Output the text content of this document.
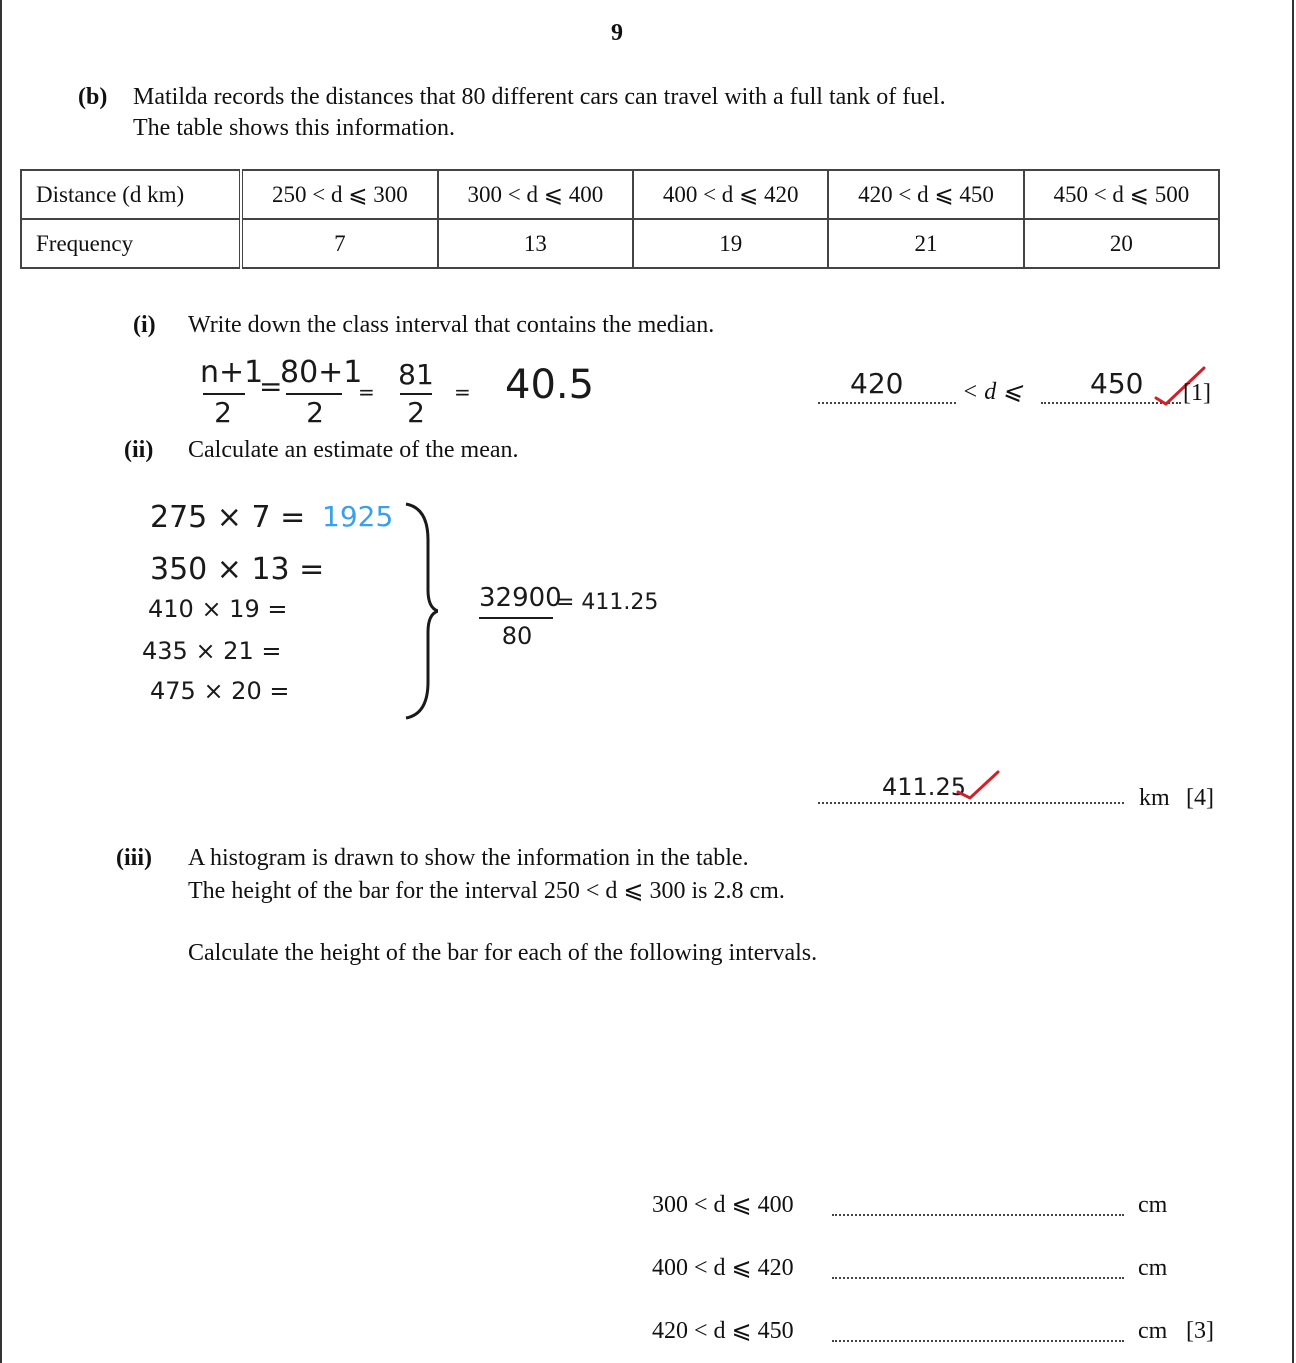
9
(b) Matilda records the distances that 80 different cars can travel with a full tank of fuel.
The table shows this information.
Distance (d km)	250 < d ⩽ 300	300 < d ⩽ 400	400 < d ⩽ 420	420 < d ⩽ 450	450 < d ⩽ 500
Frequency	7	13	19	21	20
(i) Write down the class interval that contains the median.
n+1
2
=
80+1
2
=
81
2
= 40.5	420 < d ⩽ 450 [1]
(ii) Calculate an estimate of the mean.
275 × 7 = 1925
350 × 13 =
410 × 19 =
435 × 21 =
475 × 20 =
32900
80
= 411.25
411.25	km [4]
(iii) A histogram is drawn to show the information in the table.
The height of the bar for the interval 250 < d ⩽ 300 is 2.8 cm.
Calculate the height of the bar for each of the following intervals.
300 < d ⩽ 400	cm
400 < d ⩽ 420	cm
420 < d ⩽ 450	cm [3]
